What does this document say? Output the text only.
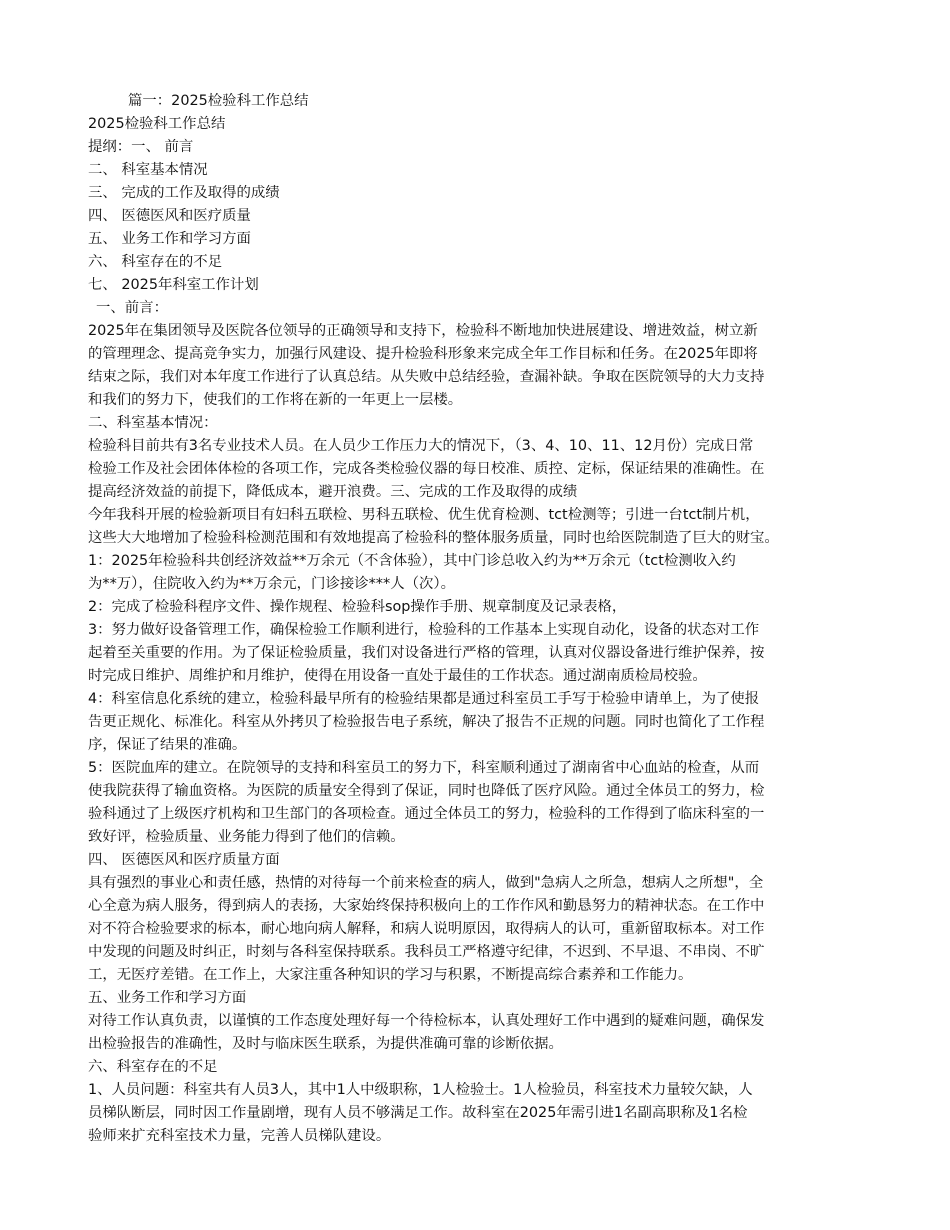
篇一：2025检验科工作总结
2025检验科工作总结
提纲：一、 前言
二、 科室基本情况
三、 完成的工作及取得的成绩
四、 医德医风和医疗质量
五、 业务工作和学习方面
六、 科室存在的不足
七、 2025年科室工作计划
一、前言：
2025年在集团领导及医院各位领导的正确领导和支持下，检验科不断地加快进展建设、增进效益，树立新
的管理理念、提高竞争实力，加强行风建设、提升检验科形象来完成全年工作目标和任务。在2025年即将
结束之际，我们对本年度工作进行了认真总结。从失败中总结经验，查漏补缺。争取在医院领导的大力支持
和我们的努力下，使我们的工作将在新的一年更上一层楼。
二、科室基本情况：
检验科目前共有3名专业技术人员。在人员少工作压力大的情况下，（3、4、10、11、12月份）完成日常
检验工作及社会团体体检的各项工作，完成各类检验仪器的每日校准、质控、定标，保证结果的准确性。在
提高经济效益的前提下，降低成本，避开浪费。三、完成的工作及取得的成绩
今年我科开展的检验新项目有妇科五联检、男科五联检、优生优育检测、tct检测等；引进一台tct制片机，
这些大大地增加了检验科检测范围和有效地提高了检验科的整体服务质量，同时也给医院制造了巨大的财宝。
1：2025年检验科共创经济效益**万余元（不含体验），其中门诊总收入约为**万余元（tct检测收入约
为**万），住院收入约为**万余元，门诊接诊***人（次）。
2：完成了检验科程序文件、操作规程、检验科sop操作手册、规章制度及记录表格，
3：努力做好设备管理工作，确保检验工作顺利进行，检验科的工作基本上实现自动化，设备的状态对工作
起着至关重要的作用。为了保证检验质量，我们对设备进行严格的管理，认真对仪器设备进行维护保养，按
时完成日维护、周维护和月维护，使得在用设备一直处于最佳的工作状态。通过湖南质检局校验。
4：科室信息化系统的建立，检验科最早所有的检验结果都是通过科室员工手写于检验申请单上，为了使报
告更正规化、标准化。科室从外拷贝了检验报告电子系统，解决了报告不正规的问题。同时也简化了工作程
序，保证了结果的准确。
5：医院血库的建立。在院领导的支持和科室员工的努力下，科室顺利通过了湖南省中心血站的检查，从而
使我院获得了输血资格。为医院的质量安全得到了保证，同时也降低了医疗风险。通过全体员工的努力，检
验科通过了上级医疗机构和卫生部门的各项检查。通过全体员工的努力，检验科的工作得到了临床科室的一
致好评，检验质量、业务能力得到了他们的信赖。
四、 医德医风和医疗质量方面
具有强烈的事业心和责任感，热情的对待每一个前来检查的病人，做到"急病人之所急，想病人之所想"，全
心全意为病人服务，得到病人的表扬，大家始终保持积极向上的工作作风和勤恳努力的精神状态。在工作中
对不符合检验要求的标本，耐心地向病人解释，和病人说明原因，取得病人的认可，重新留取标本。对工作
中发现的问题及时纠正，时刻与各科室保持联系。我科员工严格遵守纪律，不迟到、不早退、不串岗、不旷
工，无医疗差错。在工作上，大家注重各种知识的学习与积累，不断提高综合素养和工作能力。
五、业务工作和学习方面
对待工作认真负责，以谨慎的工作态度处理好每一个待检标本，认真处理好工作中遇到的疑难问题，确保发
出检验报告的准确性，及时与临床医生联系，为提供准确可靠的诊断依据。
六、科室存在的不足
1、人员问题：科室共有人员3人，其中1人中级职称，1人检验士。1人检验员，科室技术力量较欠缺，人
员梯队断层，同时因工作量剧增，现有人员不够满足工作。故科室在2025年需引进1名副高职称及1名检
验师来扩充科室技术力量，完善人员梯队建设。
